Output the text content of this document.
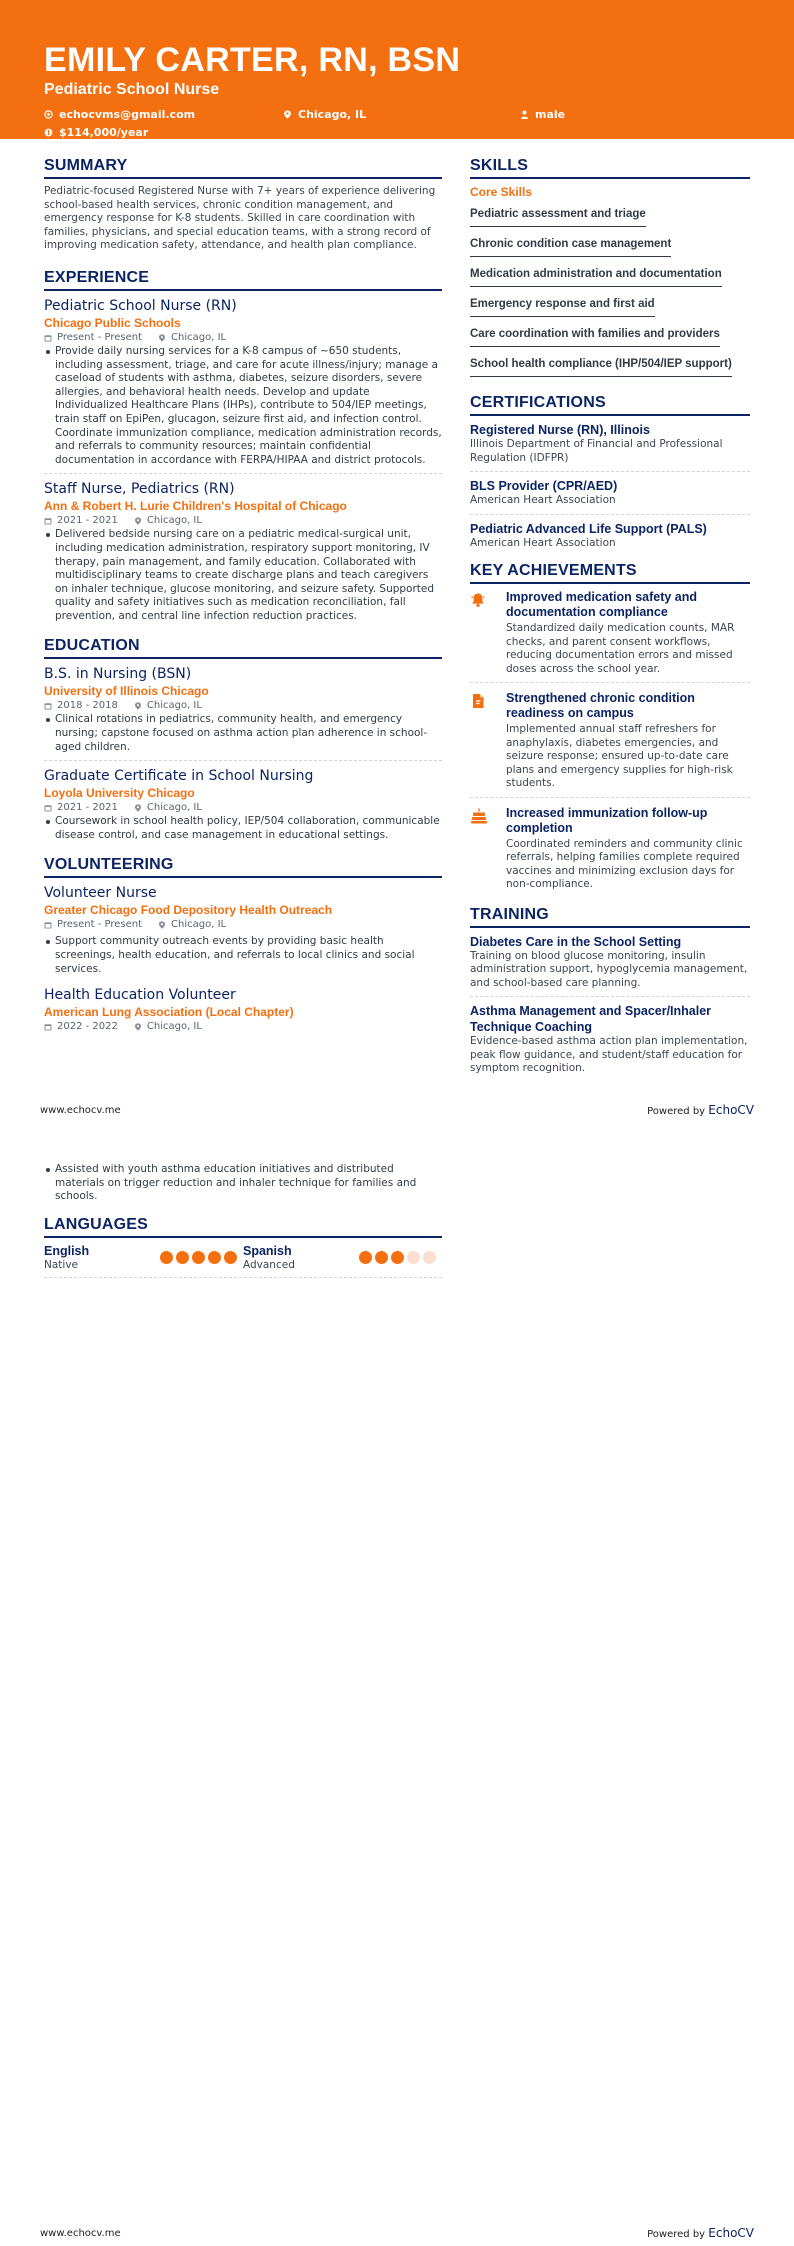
EMILY CARTER, RN, BSN
Pediatric School Nurse
echocvms@gmail.com	Chicago, IL	male
$114,000/year
SUMMARY
Pediatric-focused Registered Nurse with 7+ years of experience delivering school-based health services, chronic condition management, and emergency response for K-8 students. Skilled in care coordination with families, physicians, and special education teams, with a strong record of improving medication safety, attendance, and health plan compliance.
EXPERIENCE
Pediatric School Nurse (RN)
Chicago Public Schools
Present - Present	Chicago, IL
Provide daily nursing services for a K-8 campus of ~650 students, including assessment, triage, and care for acute illness/injury; manage a caseload of students with asthma, diabetes, seizure disorders, severe allergies, and behavioral health needs. Develop and update Individualized Healthcare Plans (IHPs), contribute to 504/IEP meetings, train staff on EpiPen, glucagon, seizure first aid, and infection control. Coordinate immunization compliance, medication administration records, and referrals to community resources; maintain confidential documentation in accordance with FERPA/HIPAA and district protocols.
Staff Nurse, Pediatrics (RN)
Ann & Robert H. Lurie Children's Hospital of Chicago
2021 - 2021	Chicago, IL
Delivered bedside nursing care on a pediatric medical-surgical unit, including medication administration, respiratory support monitoring, IV therapy, pain management, and family education. Collaborated with multidisciplinary teams to create discharge plans and teach caregivers on inhaler technique, glucose monitoring, and seizure safety. Supported quality and safety initiatives such as medication reconciliation, fall prevention, and central line infection reduction practices.
EDUCATION
B.S. in Nursing (BSN)
University of Illinois Chicago
2018 - 2018	Chicago, IL
Clinical rotations in pediatrics, community health, and emergency nursing; capstone focused on asthma action plan adherence in school-aged children.
Graduate Certificate in School Nursing
Loyola University Chicago
2021 - 2021	Chicago, IL
Coursework in school health policy, IEP/504 collaboration, communicable disease control, and case management in educational settings.
VOLUNTEERING
Volunteer Nurse
Greater Chicago Food Depository Health Outreach
Present - Present	Chicago, IL
Support community outreach events by providing basic health screenings, health education, and referrals to local clinics and social services.
Health Education Volunteer
American Lung Association (Local Chapter)
2022 - 2022	Chicago, IL
SKILLS
Core Skills
Pediatric assessment and triage
Chronic condition case management
Medication administration and documentation
Emergency response and first aid
Care coordination with families and providers
School health compliance (IHP/504/IEP support)
CERTIFICATIONS
Registered Nurse (RN), Illinois
Illinois Department of Financial and Professional Regulation (IDFPR)
BLS Provider (CPR/AED)
American Heart Association
Pediatric Advanced Life Support (PALS)
American Heart Association
KEY ACHIEVEMENTS
Improved medication safety and documentation compliance
Standardized daily medication counts, MAR checks, and parent consent workflows, reducing documentation errors and missed doses across the school year.
Strengthened chronic condition readiness on campus
Implemented annual staff refreshers for anaphylaxis, diabetes emergencies, and seizure response; ensured up-to-date care plans and emergency supplies for high-risk students.
Increased immunization follow-up completion
Coordinated reminders and community clinic referrals, helping families complete required vaccines and minimizing exclusion days for non-compliance.
TRAINING
Diabetes Care in the School Setting
Training on blood glucose monitoring, insulin administration support, hypoglycemia management, and school-based care planning.
Asthma Management and Spacer/Inhaler Technique Coaching
Evidence-based asthma action plan implementation, peak flow guidance, and student/staff education for symptom recognition.
www.echocv.me	Powered by EchoCV
Assisted with youth asthma education initiatives and distributed materials on trigger reduction and inhaler technique for families and schools.
LANGUAGES
English
Native
Spanish
Advanced
www.echocv.me	Powered by EchoCV
